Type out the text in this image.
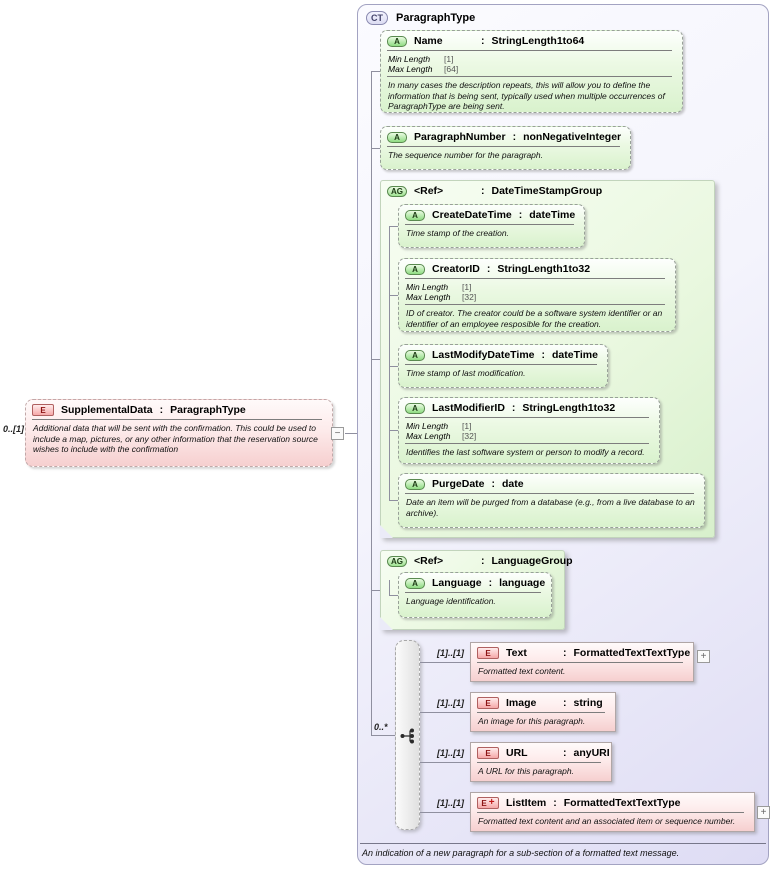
0..[1]
E	SupplementalData : ParagraphType
Additional data that will be sent with the confirmation. This could be used to include a map, pictures, or any other information that the reservation source wishes to include with the confirmation
−
CT	ParagraphType
A	Name	: StringLength1to64
Min Length [1]
Max Length [64]
In many cases the description repeats, this will allow you to define the information that is being sent, typically used when multiple occurrences of ParagraphType are being sent.
A	ParagraphNumber : nonNegativeInteger
The sequence number for the paragraph.
AG	<Ref>	: DateTimeStampGroup
A	CreateDateTime : dateTime
Time stamp of the creation.
A	CreatorID : StringLength1to32
Min Length [1]
Max Length [32]
ID of creator. The creator could be a software system identifier or an identifier of an employee resposible for the creation.
A	LastModifyDateTime : dateTime
Time stamp of last modification.
A	LastModifierID : StringLength1to32
Min Length [1]
Max Length [32]
Identifies the last software system or person to modify a record.
A	PurgeDate : date
Date an item will be purged from a database (e.g., from a live database to an archive).
AG	<Ref>	: LanguageGroup
A	Language : language
Language identification.
0..*
[1]..[1]	E	Text	: FormattedTextTextType
Formatted text content.
+
[1]..[1]	E	Image	: string
An image for this paragraph.
[1]..[1]	E	URL	: anyURI
A URL for this paragraph.
[1]..[1] E + ListItem : FormattedTextTextType
Formatted text content and an associated item or sequence number.
+
An indication of a new paragraph for a sub-section of a formatted text message.
